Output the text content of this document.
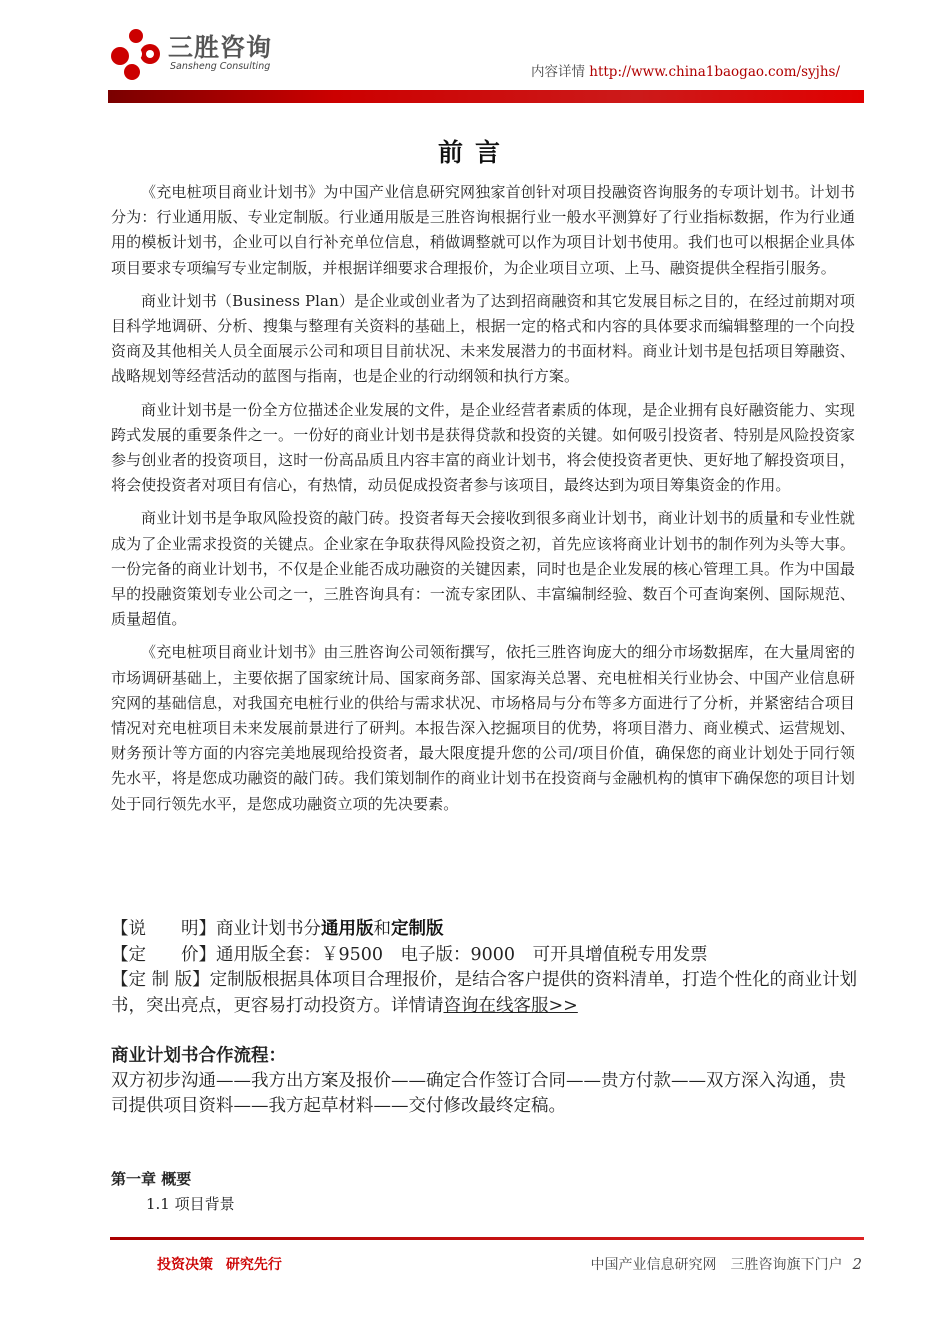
三胜咨询
Sansheng Consulting	内容详情 http://www.china1baogao.com/syjhs/
前言

《充电桩项目商业计划书》为中国产业信息研究网独家首创针对项目投融资咨询服务的专项计划书。计划书分为：行业通用版、专业定制版。行业通用版是三胜咨询根据行业一般水平测算好了行业指标数据，作为行业通用的模板计划书，企业可以自行补充单位信息，稍做调整就可以作为项目计划书使用。我们也可以根据企业具体项目要求专项编写专业定制版，并根据详细要求合理报价，为企业项目立项、上马、融资提供全程指引服务。

商业计划书（Business Plan）是企业或创业者为了达到招商融资和其它发展目标之目的，在经过前期对项目科学地调研、分析、搜集与整理有关资料的基础上，根据一定的格式和内容的具体要求而编辑整理的一个向投资商及其他相关人员全面展示公司和项目目前状况、未来发展潜力的书面材料。商业计划书是包括项目筹融资、战略规划等经营活动的蓝图与指南，也是企业的行动纲领和执行方案。

商业计划书是一份全方位描述企业发展的文件，是企业经营者素质的体现，是企业拥有良好融资能力、实现跨式发展的重要条件之一。一份好的商业计划书是获得贷款和投资的关键。如何吸引投资者、特别是风险投资家参与创业者的投资项目，这时一份高品质且内容丰富的商业计划书，将会使投资者更快、更好地了解投资项目，将会使投资者对项目有信心，有热情，动员促成投资者参与该项目，最终达到为项目筹集资金的作用。

商业计划书是争取风险投资的敲门砖。投资者每天会接收到很多商业计划书，商业计划书的质量和专业性就成为了企业需求投资的关键点。企业家在争取获得风险投资之初，首先应该将商业计划书的制作列为头等大事。一份完备的商业计划书，不仅是企业能否成功融资的关键因素，同时也是企业发展的核心管理工具。作为中国最早的投融资策划专业公司之一，三胜咨询具有：一流专家团队、丰富编制经验、数百个可查询案例、国际规范、质量超值。

《充电桩项目商业计划书》由三胜咨询公司领衔撰写，依托三胜咨询庞大的细分市场数据库，在大量周密的市场调研基础上，主要依据了国家统计局、国家商务部、国家海关总署、充电桩相关行业协会、中国产业信息研究网的基础信息，对我国充电桩行业的供给与需求状况、市场格局与分布等多方面进行了分析，并紧密结合项目情况对充电桩项目未来发展前景进行了研判。本报告深入挖掘项目的优势，将项目潜力、商业模式、运营规划、财务预计等方面的内容完美地展现给投资者，最大限度提升您的公司/项目价值，确保您的商业计划处于同行领先水平，将是您成功融资的敲门砖。我们策划制作的商业计划书在投资商与金融机构的慎审下确保您的项目计划处于同行领先水平，是您成功融资立项的先决要素。

【说　　明】商业计划书分通用版和定制版

【定　　价】通用版全套：￥9500　电子版：9000　可开具增值税专用发票

【定 制 版】定制版根据具体项目合理报价，是结合客户提供的资料清单，打造个性化的商业计划书，突出亮点，更容易打动投资方。详情请咨询在线客服>>

商业计划书合作流程：

双方初步沟通——我方出方案及报价——确定合作签订合同——贵方付款——双方深入沟通，贵司提供项目资料——我方起草材料——交付修改最终定稿。

第一章 概要
1.1 项目背景
投资决策 研究先行	中国产业信息研究网　三胜咨询旗下门户 2
